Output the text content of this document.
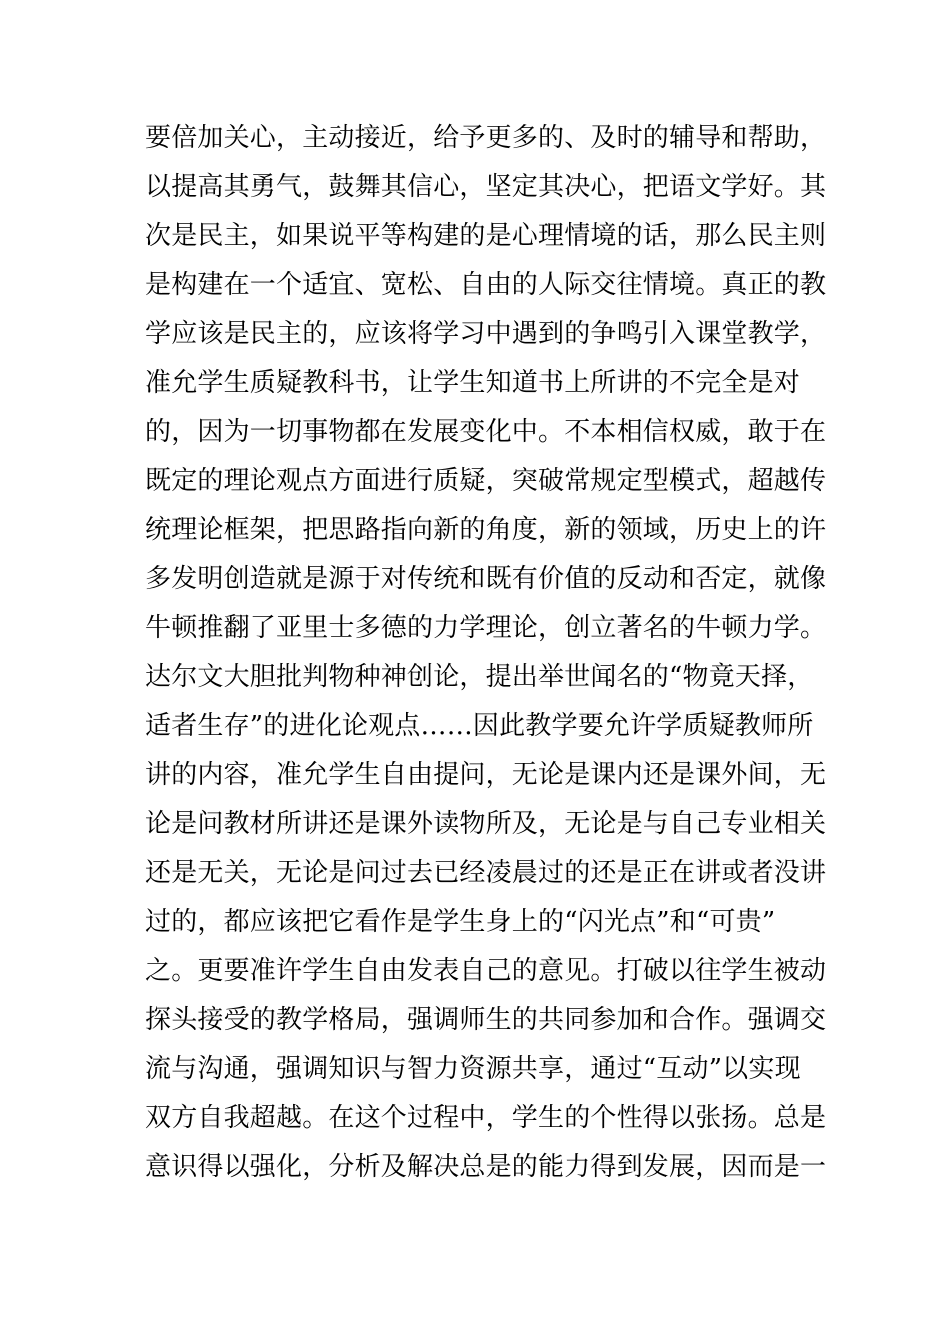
要倍加关心，主动接近，给予更多的、及时的辅导和帮助，
以提高其勇气，鼓舞其信心，坚定其决心，把语文学好。其
次是民主，如果说平等构建的是心理情境的话，那么民主则
是构建在一个适宜、宽松、自由的人际交往情境。真正的教
学应该是民主的，应该将学习中遇到的争鸣引入课堂教学，
准允学生质疑教科书，让学生知道书上所讲的不完全是对
的，因为一切事物都在发展变化中。不本相信权威，敢于在
既定的理论观点方面进行质疑，突破常规定型模式，超越传
统理论框架，把思路指向新的角度，新的领域，历史上的许
多发明创造就是源于对传统和既有价值的反动和否定，就像
牛顿推翻了亚里士多德的力学理论，创立著名的牛顿力学。
达尔文大胆批判物种神创论，提出举世闻名的“物竟天择，
适者生存”的进化论观点……因此教学要允许学质疑教师所
讲的内容，准允学生自由提问，无论是课内还是课外间，无
论是问教材所讲还是课外读物所及，无论是与自己专业相关
还是无关，无论是问过去已经凌晨过的还是正在讲或者没讲
过的，都应该把它看作是学生身上的“闪光点”和“可贵”
之。更要准许学生自由发表自己的意见。打破以往学生被动
探头接受的教学格局，强调师生的共同参加和合作。强调交
流与沟通，强调知识与智力资源共享，通过“互动”以实现
双方自我超越。在这个过程中，学生的个性得以张扬。总是
意识得以强化，分析及解决总是的能力得到发展，因而是一
